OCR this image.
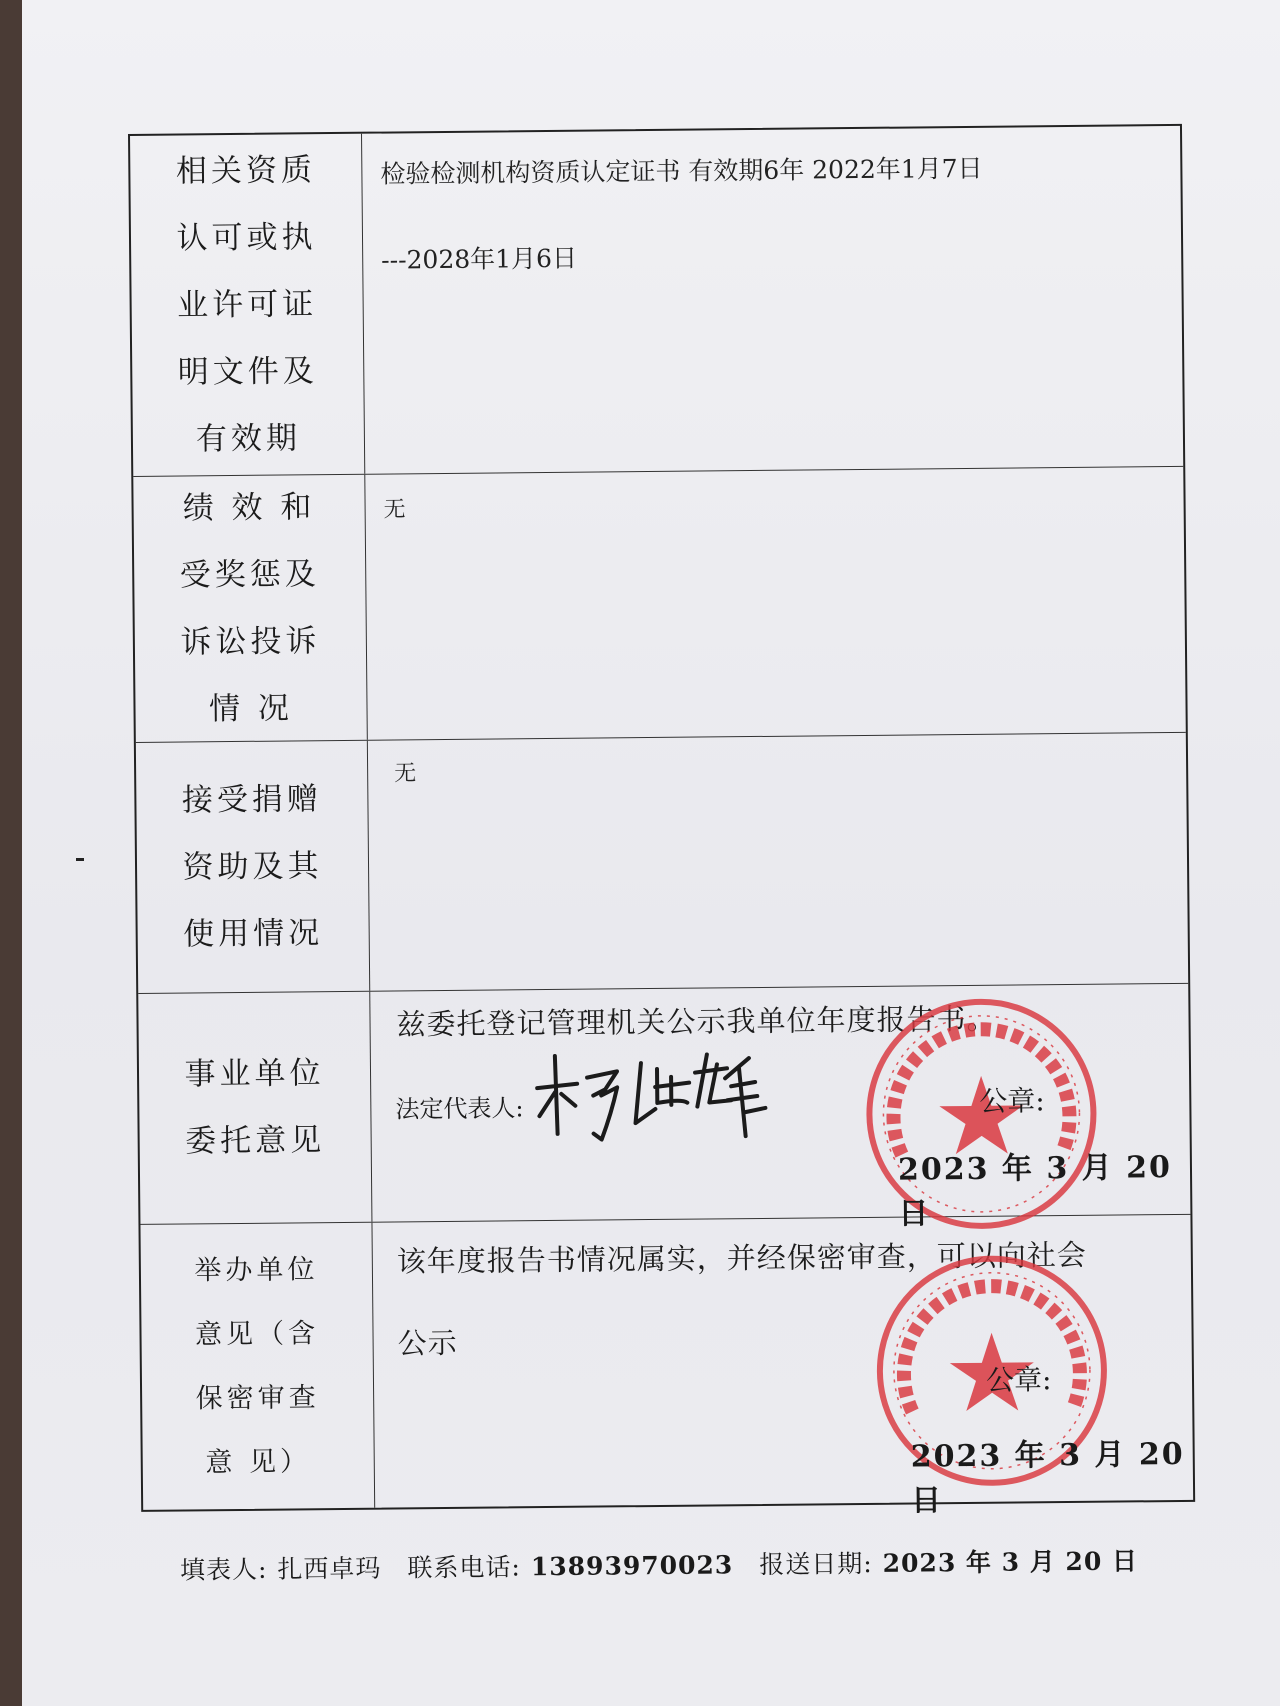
相关资质
认可或执
业许可证
明文件及
有效期
检验检测机构资质认定证书 有效期6年 2022年1月7日
---2028年1月6日
绩 效 和
受奖惩及
诉讼投诉
情 况
无
接受捐赠
资助及其
使用情况
无
事业单位
委托意见
兹委托登记管理机关公示我单位年度报告书。
法定代表人:	公章:
2023 年 3 月 20 日
举办单位
意见（含
保密审查
意 见）
该年度报告书情况属实，并经保密审查，可以向社会
公示
公章:
2023 年 3 月 20 日
填表人: 扎西卓玛 联系电话: 13893970023 报送日期: 2023 年 3 月 20 日
